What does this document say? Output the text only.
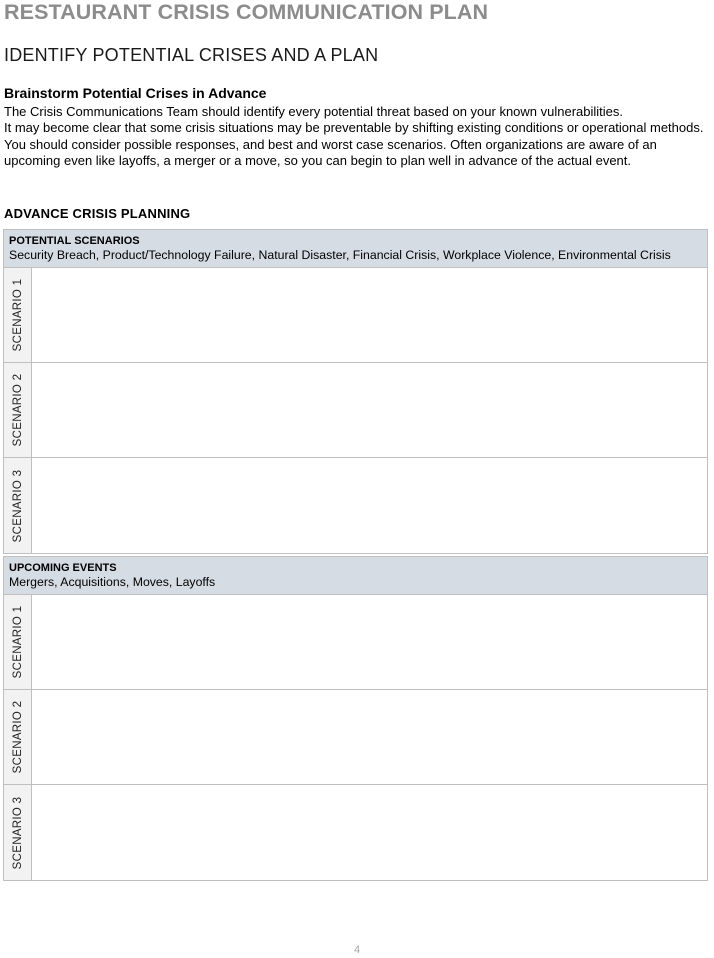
RESTAURANT CRISIS COMMUNICATION PLAN
IDENTIFY POTENTIAL CRISES AND A PLAN
Brainstorm Potential Crises in Advance

The Crisis Communications Team should identify every potential threat based on your known vulnerabilities.

It may become clear that some crisis situations may be preventable by shifting existing conditions or operational methods. You should consider possible responses, and best and worst case scenarios. Often organizations are aware of an upcoming even like layoffs, a merger or a move, so you can begin to plan well in advance of the actual event.

ADVANCE CRISIS PLANNING
POTENTIAL SCENARIOS
Security Breach, Product/Technology Failure, Natural Disaster, Financial Crisis, Workplace Violence, Environmental Crisis
SCENARIO 1
SCENARIO 2
SCENARIO 3
UPCOMING EVENTS
Mergers, Acquisitions, Moves, Layoffs
SCENARIO 1
SCENARIO 2
SCENARIO 3
4
